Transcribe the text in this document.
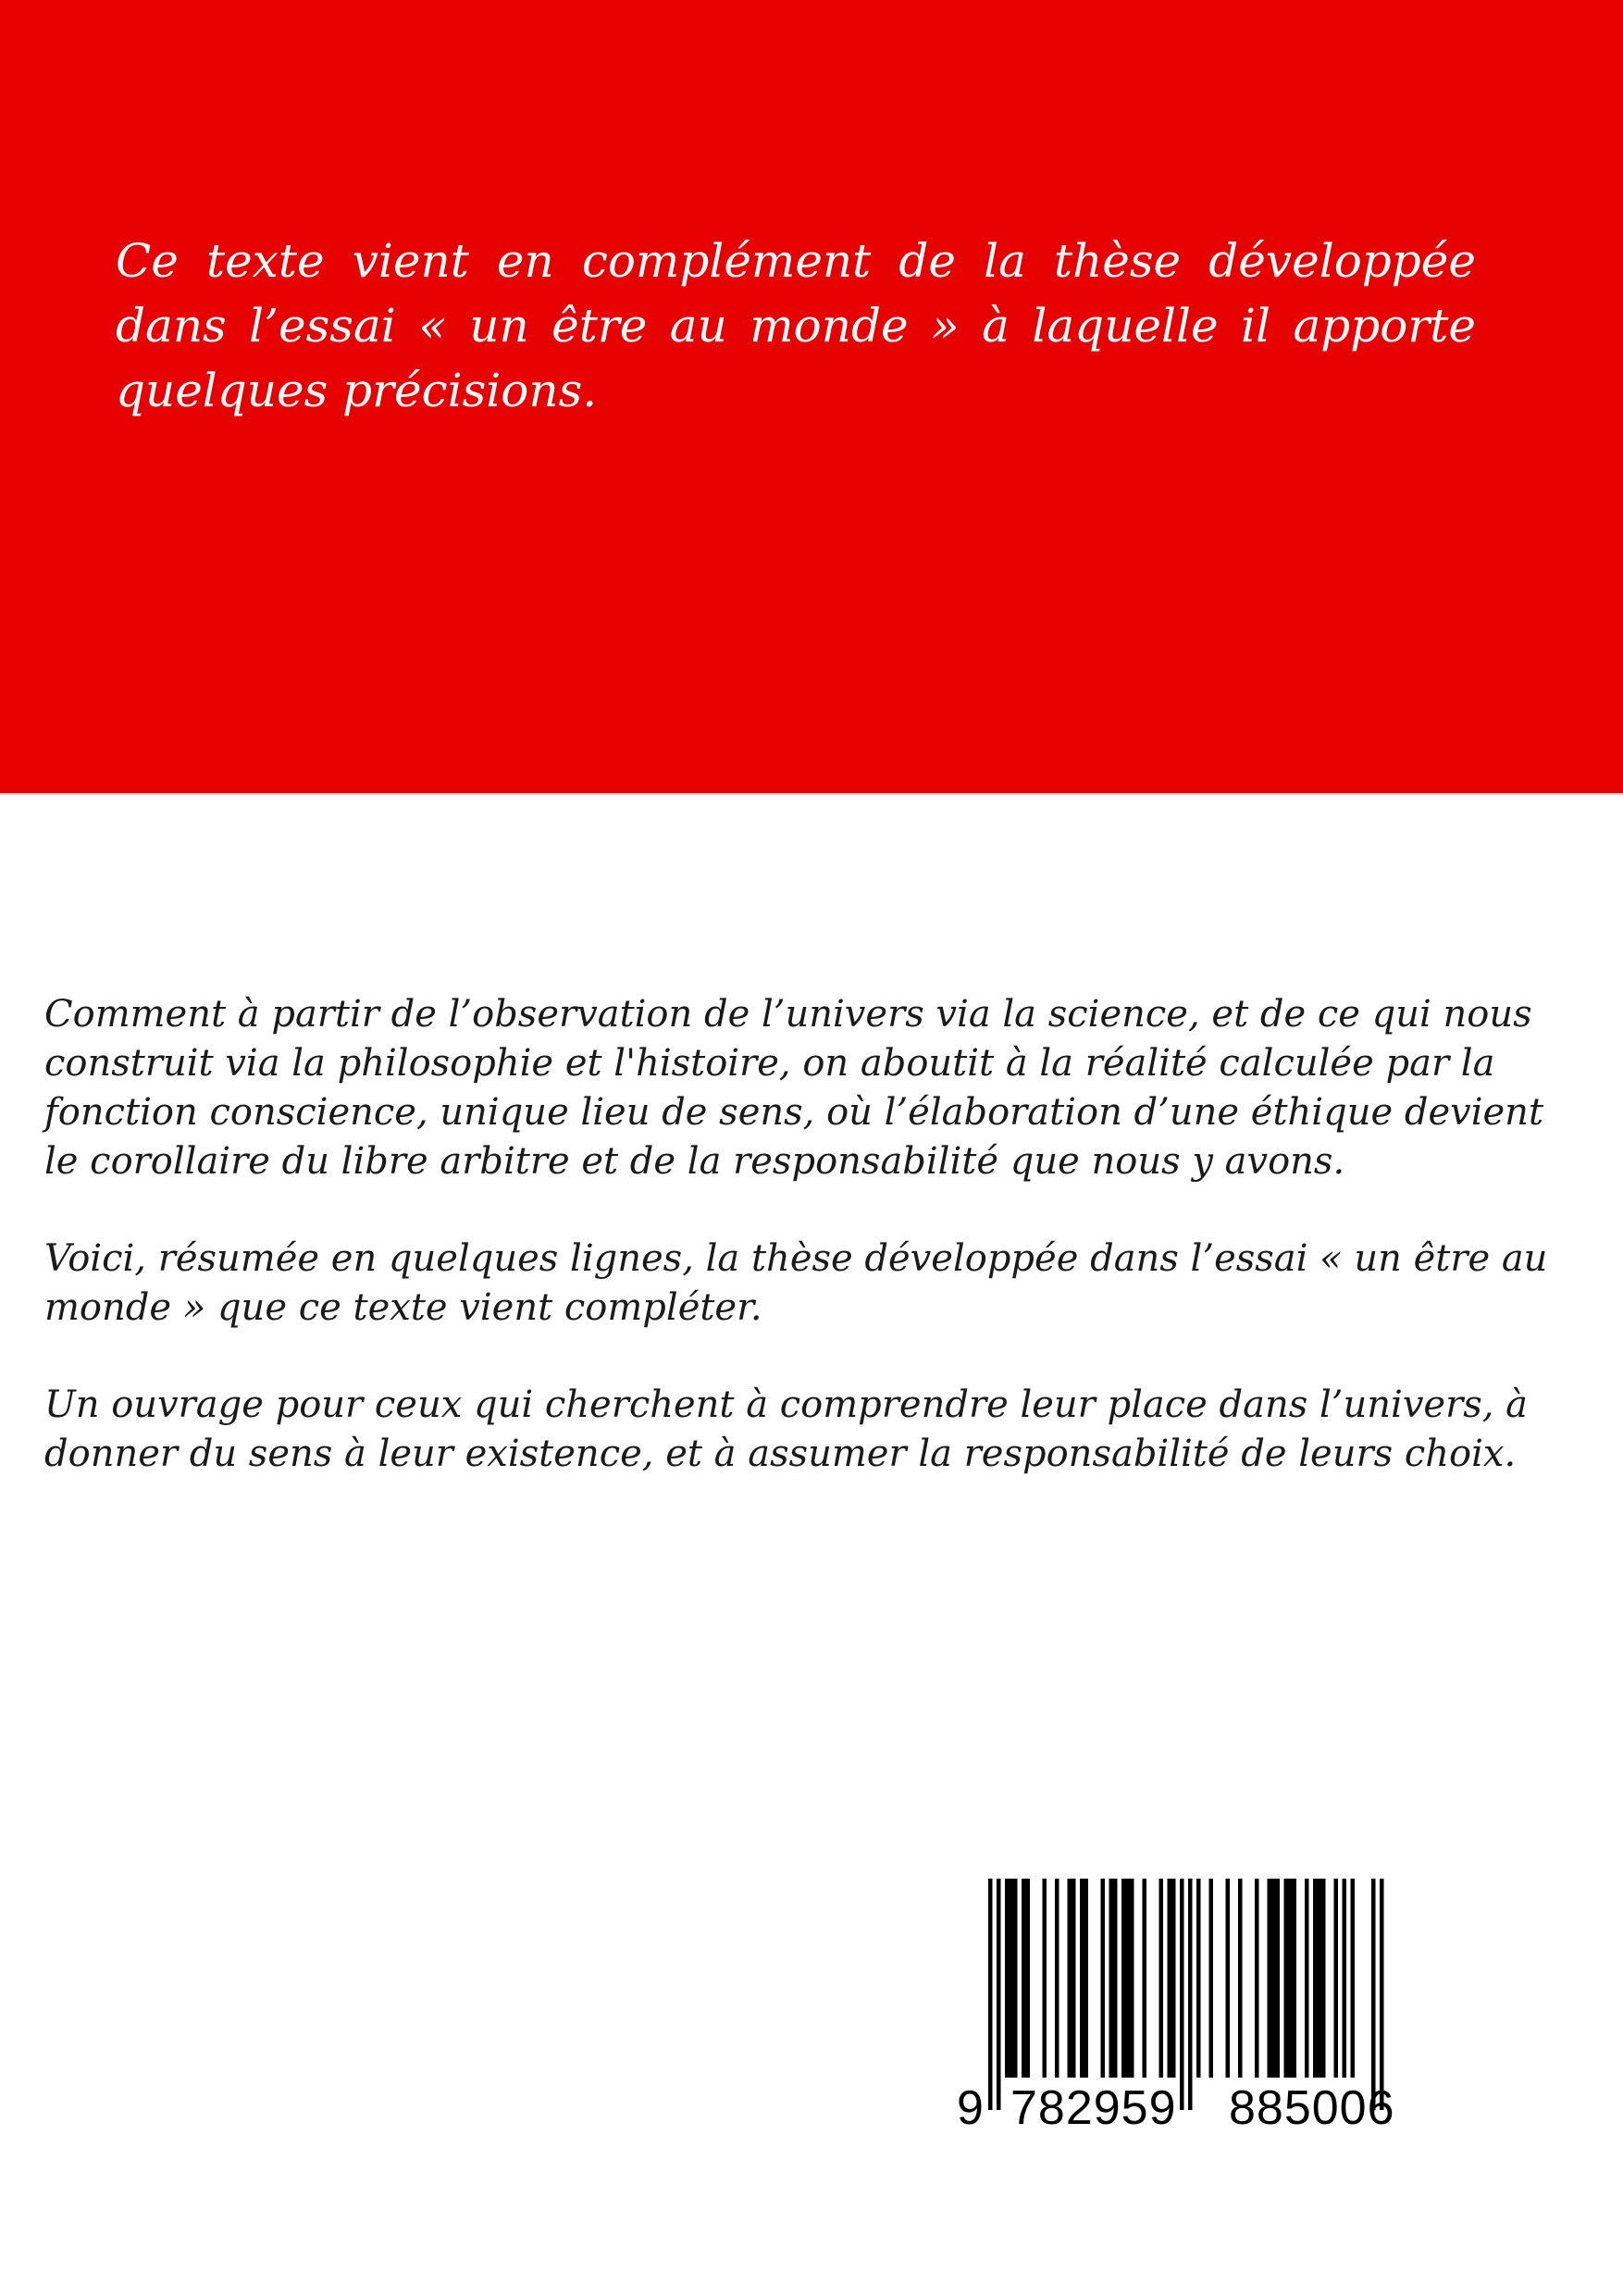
Ce texte vient en complément de la thèse développée dans l’essai « un être au monde » à laquelle il apporte quelques précisions.

Comment à partir de l’observation de l’univers via la science, et de ce qui nous construit via la philosophie et l'histoire, on aboutit à la réalité calculée par la fonction conscience, unique lieu de sens, où l’élaboration d’une éthique devient le corollaire du libre arbitre et de la responsabilité que nous y avons.

Voici, résumée en quelques lignes, la thèse développée dans l’essai « un être au monde » que ce texte vient compléter.

Un ouvrage pour ceux qui cherchent à comprendre leur place dans l’univers, à donner du sens à leur existence, et à assumer la responsabilité de leurs choix.

9 782959 885006
